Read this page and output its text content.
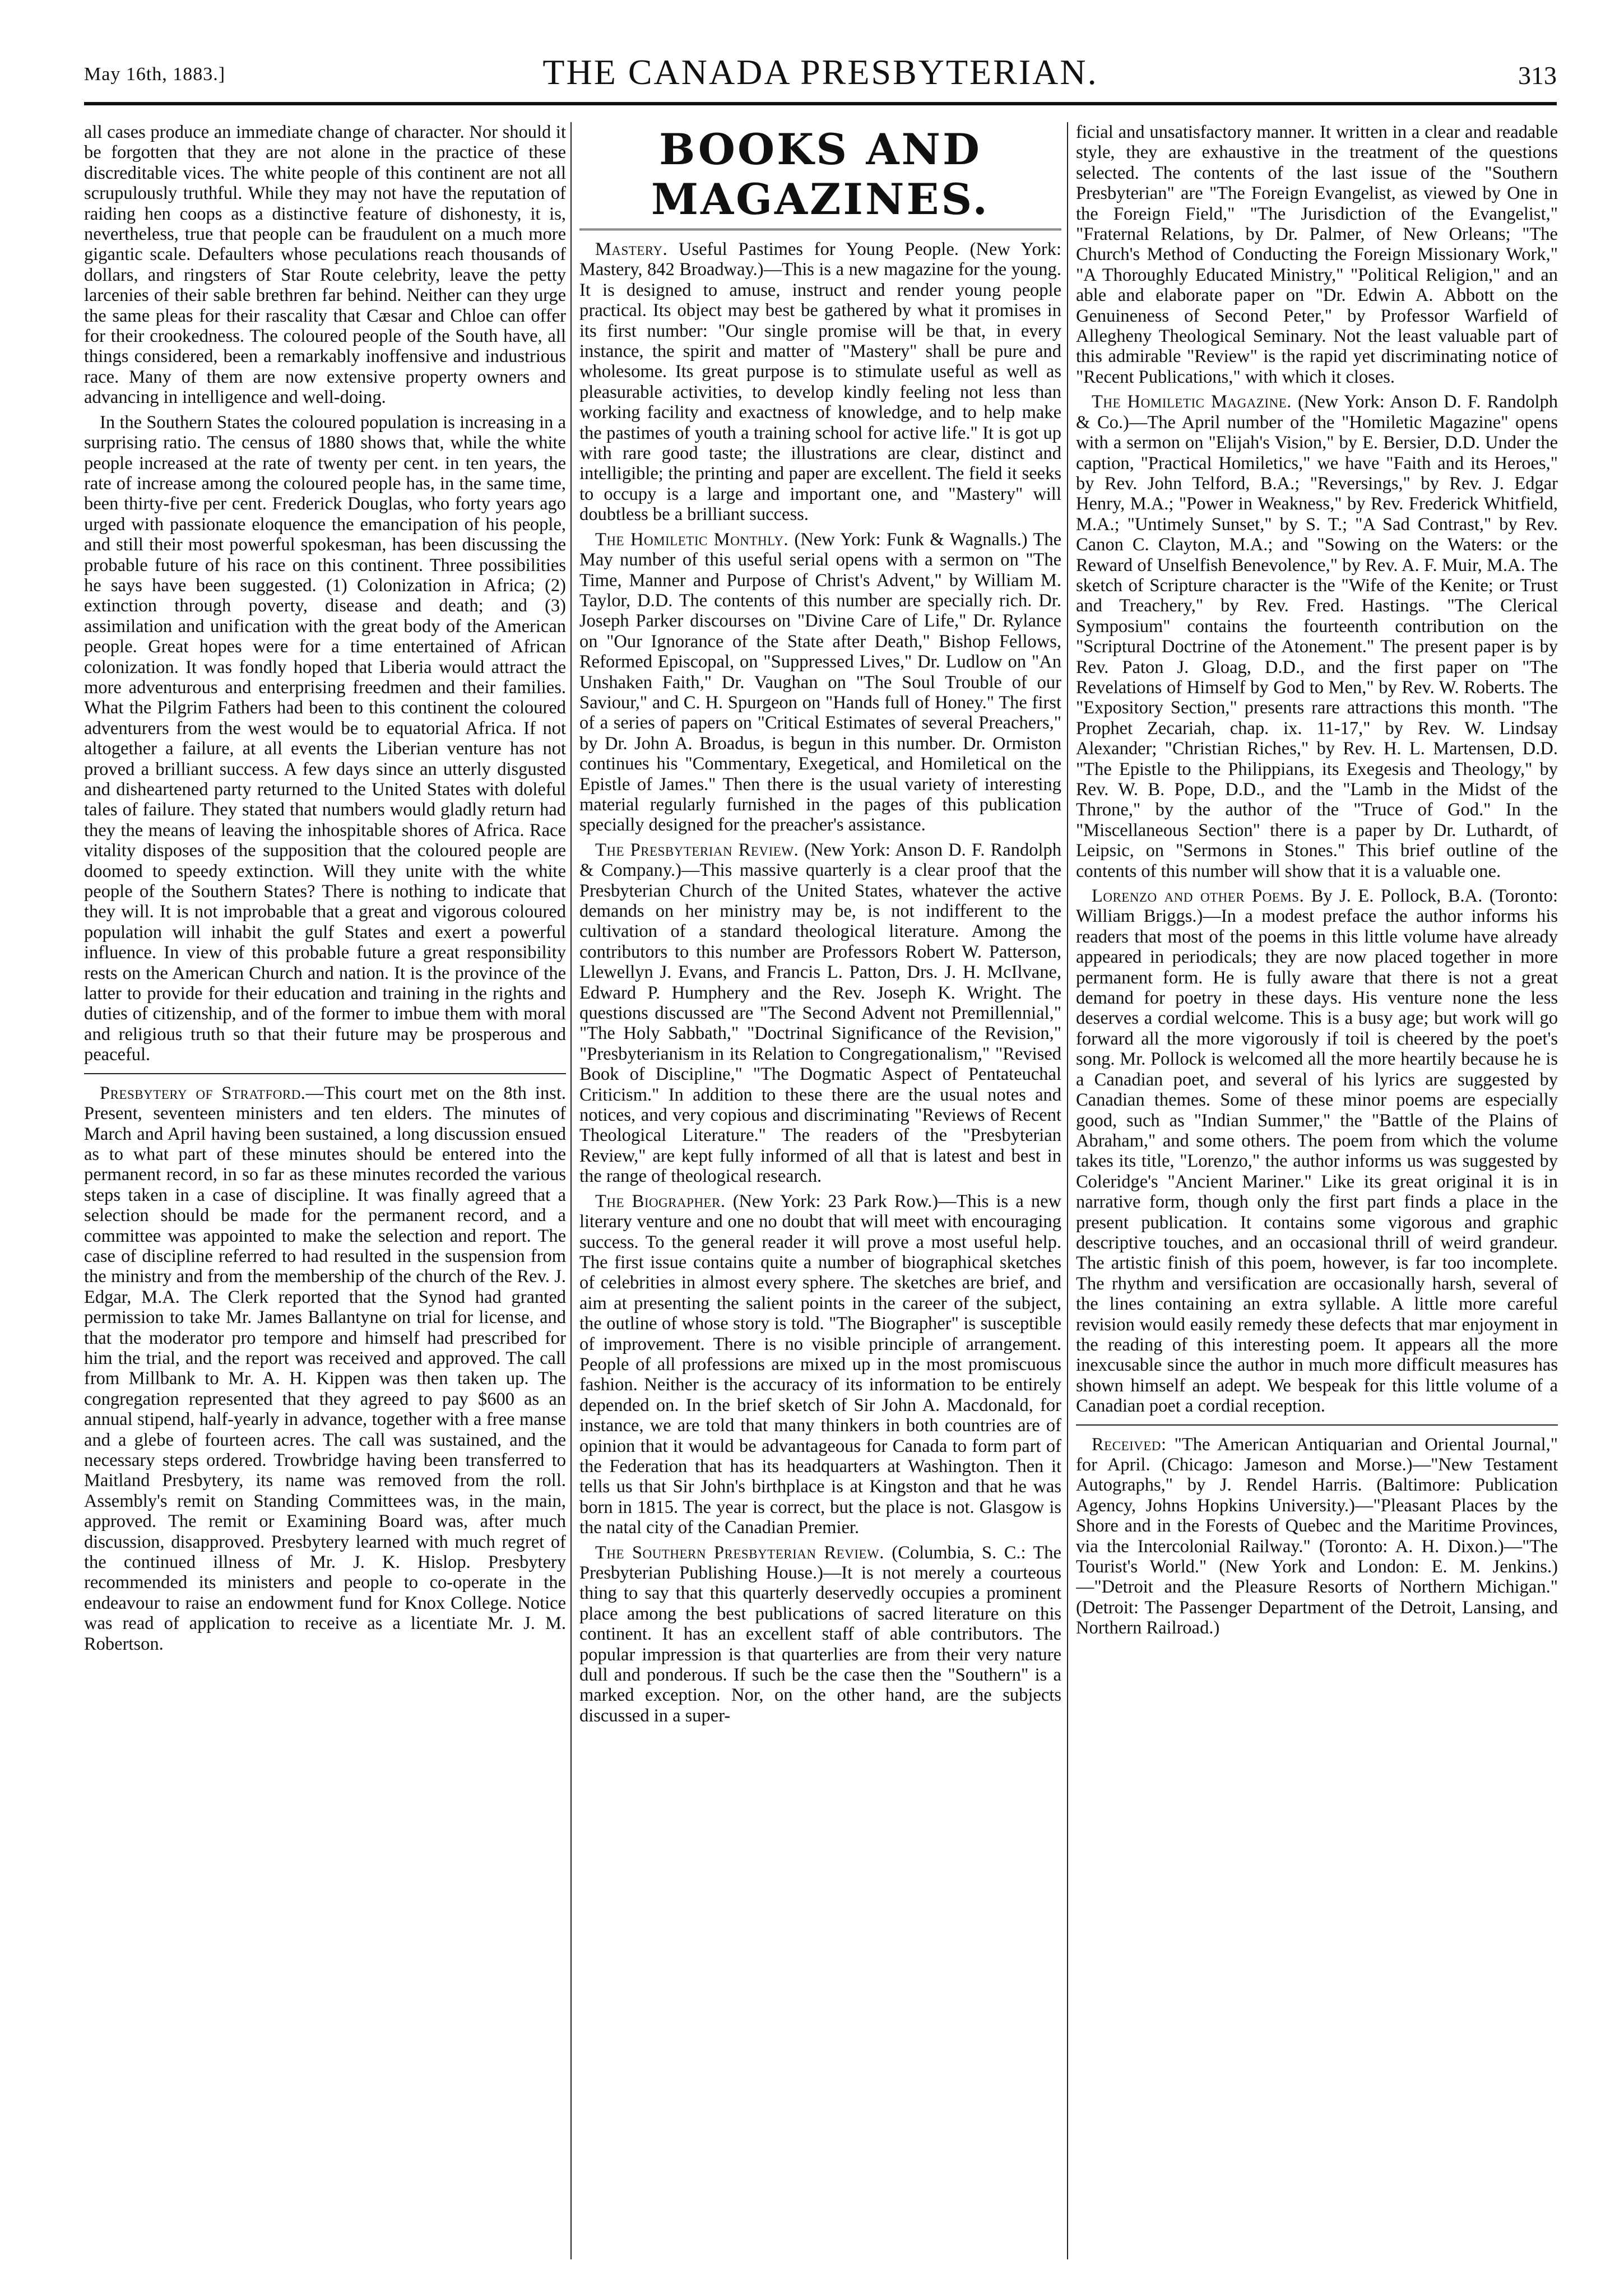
May 16th, 1883.]	THE CANADA PRESBYTERIAN.	313

all cases produce an immediate change of character. Nor should it be forgotten that they are not alone in the practice of these discreditable vices. The white people of this continent are not all scrupulously truthful. While they may not have the reputation of raiding hen coops as a distinctive feature of dishonesty, it is, nevertheless, true that people can be fraudulent on a much more gigantic scale. Defaulters whose peculations reach thousands of dollars, and ringsters of Star Route celebrity, leave the petty larcenies of their sable brethren far behind. Neither can they urge the same pleas for their rascality that Cæsar and Chloe can offer for their crookedness. The coloured people of the South have, all things considered, been a remarkably inoffensive and industrious race. Many of them are now extensive property owners and advancing in intelligence and well-doing.

In the Southern States the coloured population is increasing in a surprising ratio. The census of 1880 shows that, while the white people increased at the rate of twenty per cent. in ten years, the rate of increase among the coloured people has, in the same time, been thirty-five per cent. Frederick Douglas, who forty years ago urged with passionate eloquence the emancipation of his people, and still their most powerful spokesman, has been discussing the probable future of his race on this continent. Three possibilities he says have been suggested. (1) Colonization in Africa; (2) extinction through poverty, disease and death; and (3) assimilation and unification with the great body of the American people. Great hopes were for a time entertained of African colonization. It was fondly hoped that Liberia would attract the more adventurous and enterprising freedmen and their families. What the Pilgrim Fathers had been to this continent the coloured adventurers from the west would be to equatorial Africa. If not altogether a failure, at all events the Liberian venture has not proved a brilliant success. A few days since an utterly disgusted and disheartened party returned to the United States with doleful tales of failure. They stated that numbers would gladly return had they the means of leaving the inhospitable shores of Africa. Race vitality disposes of the supposition that the coloured people are doomed to speedy extinction. Will they unite with the white people of the Southern States? There is nothing to indicate that they will. It is not improbable that a great and vigorous coloured population will inhabit the gulf States and exert a powerful influence. In view of this probable future a great responsibility rests on the American Church and nation. It is the province of the latter to provide for their education and training in the rights and duties of citizenship, and of the former to imbue them with moral and religious truth so that their future may be prosperous and peaceful.

Presbytery of Stratford.—This court met on the 8th inst. Present, seventeen ministers and ten elders. The minutes of March and April having been sustained, a long discussion ensued as to what part of these minutes should be entered into the permanent record, in so far as these minutes recorded the various steps taken in a case of discipline. It was finally agreed that a selection should be made for the permanent record, and a committee was appointed to make the selection and report. The case of discipline referred to had resulted in the suspension from the ministry and from the membership of the church of the Rev. J. Edgar, M.A. The Clerk reported that the Synod had granted permission to take Mr. James Ballantyne on trial for license, and that the moderator pro tempore and himself had prescribed for him the trial, and the report was received and approved. The call from Millbank to Mr. A. H. Kippen was then taken up. The congregation represented that they agreed to pay $600 as an annual stipend, half-yearly in advance, together with a free manse and a glebe of fourteen acres. The call was sustained, and the necessary steps ordered. Trowbridge having been transferred to Maitland Presbytery, its name was removed from the roll. Assembly's remit on Standing Committees was, in the main, approved. The remit or Examining Board was, after much discussion, disapproved. Presbytery learned with much regret of the continued illness of Mr. J. K. Hislop. Presbytery recommended its ministers and people to co-operate in the endeavour to raise an endowment fund for Knox College. Notice was read of application to receive as a licentiate Mr. J. M. Robertson.

BOOKS AND MAGAZINES.

Mastery. Useful Pastimes for Young People. (New York: Mastery, 842 Broadway.)—This is a new magazine for the young. It is designed to amuse, instruct and render young people practical. Its object may best be gathered by what it promises in its first number: "Our single promise will be that, in every instance, the spirit and matter of "Mastery" shall be pure and wholesome. Its great purpose is to stimulate useful as well as pleasurable activities, to develop kindly feeling not less than working facility and exactness of knowledge, and to help make the pastimes of youth a training school for active life." It is got up with rare good taste; the illustrations are clear, distinct and intelligible; the printing and paper are excellent. The field it seeks to occupy is a large and important one, and "Mastery" will doubtless be a brilliant success.

The Homiletic Monthly. (New York: Funk & Wagnalls.) The May number of this useful serial opens with a sermon on "The Time, Manner and Purpose of Christ's Advent," by William M. Taylor, D.D. The contents of this number are specially rich. Dr. Joseph Parker discourses on "Divine Care of Life," Dr. Rylance on "Our Ignorance of the State after Death," Bishop Fellows, Reformed Episcopal, on "Suppressed Lives," Dr. Ludlow on "An Unshaken Faith," Dr. Vaughan on "The Soul Trouble of our Saviour," and C. H. Spurgeon on "Hands full of Honey." The first of a series of papers on "Critical Estimates of several Preachers," by Dr. John A. Broadus, is begun in this number. Dr. Ormiston continues his "Commentary, Exegetical, and Homiletical on the Epistle of James." Then there is the usual variety of interesting material regularly furnished in the pages of this publication specially designed for the preacher's assistance.

The Presbyterian Review. (New York: Anson D. F. Randolph & Company.)—This massive quarterly is a clear proof that the Presbyterian Church of the United States, whatever the active demands on her ministry may be, is not indifferent to the cultivation of a standard theological literature. Among the contributors to this number are Professors Robert W. Patterson, Llewellyn J. Evans, and Francis L. Patton, Drs. J. H. McIlvane, Edward P. Humphery and the Rev. Joseph K. Wright. The questions discussed are "The Second Advent not Premillennial," "The Holy Sabbath," "Doctrinal Significance of the Revision," "Presbyterianism in its Relation to Congregationalism," "Revised Book of Discipline," "The Dogmatic Aspect of Pentateuchal Criticism." In addition to these there are the usual notes and notices, and very copious and discriminating "Reviews of Recent Theological Literature." The readers of the "Presbyterian Review," are kept fully informed of all that is latest and best in the range of theological research.

The Biographer. (New York: 23 Park Row.)—This is a new literary venture and one no doubt that will meet with encouraging success. To the general reader it will prove a most useful help. The first issue contains quite a number of biographical sketches of celebrities in almost every sphere. The sketches are brief, and aim at presenting the salient points in the career of the subject, the outline of whose story is told. "The Biographer" is susceptible of improvement. There is no visible principle of arrangement. People of all professions are mixed up in the most promiscuous fashion. Neither is the accuracy of its information to be entirely depended on. In the brief sketch of Sir John A. Macdonald, for instance, we are told that many thinkers in both countries are of opinion that it would be advantageous for Canada to form part of the Federation that has its headquarters at Washington. Then it tells us that Sir John's birthplace is at Kingston and that he was born in 1815. The year is correct, but the place is not. Glasgow is the natal city of the Canadian Premier.

The Southern Presbyterian Review. (Columbia, S. C.: The Presbyterian Publishing House.)—It is not merely a courteous thing to say that this quarterly deservedly occupies a prominent place among the best publications of sacred literature on this continent. It has an excellent staff of able contributors. The popular impression is that quarterlies are from their very nature dull and ponderous. If such be the case then the "Southern" is a marked exception. Nor, on the other hand, are the subjects discussed in a super-

ficial and unsatisfactory manner. It written in a clear and readable style, they are exhaustive in the treatment of the questions selected. The contents of the last issue of the "Southern Presbyterian" are "The Foreign Evangelist, as viewed by One in the Foreign Field," "The Jurisdiction of the Evangelist," "Fraternal Relations, by Dr. Palmer, of New Orleans; "The Church's Method of Conducting the Foreign Missionary Work," "A Thoroughly Educated Ministry," "Political Religion," and an able and elaborate paper on "Dr. Edwin A. Abbott on the Genuineness of Second Peter," by Professor Warfield of Allegheny Theological Seminary. Not the least valuable part of this admirable "Review" is the rapid yet discriminating notice of "Recent Publications," with which it closes.

The Homiletic Magazine. (New York: Anson D. F. Randolph & Co.)—The April number of the "Homiletic Magazine" opens with a sermon on "Elijah's Vision," by E. Bersier, D.D. Under the caption, "Practical Homiletics," we have "Faith and its Heroes," by Rev. John Telford, B.A.; "Reversings," by Rev. J. Edgar Henry, M.A.; "Power in Weakness," by Rev. Frederick Whitfield, M.A.; "Untimely Sunset," by S. T.; "A Sad Contrast," by Rev. Canon C. Clayton, M.A.; and "Sowing on the Waters: or the Reward of Unselfish Benevolence," by Rev. A. F. Muir, M.A. The sketch of Scripture character is the "Wife of the Kenite; or Trust and Treachery," by Rev. Fred. Hastings. "The Clerical Symposium" contains the fourteenth contribution on the "Scriptural Doctrine of the Atonement." The present paper is by Rev. Paton J. Gloag, D.D., and the first paper on "The Revelations of Himself by God to Men," by Rev. W. Roberts. The "Expository Section," presents rare attractions this month. "The Prophet Zecariah, chap. ix. 11-17," by Rev. W. Lindsay Alexander; "Christian Riches," by Rev. H. L. Martensen, D.D. "The Epistle to the Philippians, its Exegesis and Theology," by Rev. W. B. Pope, D.D., and the "Lamb in the Midst of the Throne," by the author of the "Truce of God." In the "Miscellaneous Section" there is a paper by Dr. Luthardt, of Leipsic, on "Sermons in Stones." This brief outline of the contents of this number will show that it is a valuable one.

Lorenzo and other Poems. By J. E. Pollock, B.A. (Toronto: William Briggs.)—In a modest preface the author informs his readers that most of the poems in this little volume have already appeared in periodicals; they are now placed together in more permanent form. He is fully aware that there is not a great demand for poetry in these days. His venture none the less deserves a cordial welcome. This is a busy age; but work will go forward all the more vigorously if toil is cheered by the poet's song. Mr. Pollock is welcomed all the more heartily because he is a Canadian poet, and several of his lyrics are suggested by Canadian themes. Some of these minor poems are especially good, such as "Indian Summer," the "Battle of the Plains of Abraham," and some others. The poem from which the volume takes its title, "Lorenzo," the author informs us was suggested by Coleridge's "Ancient Mariner." Like its great original it is in narrative form, though only the first part finds a place in the present publication. It contains some vigorous and graphic descriptive touches, and an occasional thrill of weird grandeur. The artistic finish of this poem, however, is far too incomplete. The rhythm and versification are occasionally harsh, several of the lines containing an extra syllable. A little more careful revision would easily remedy these defects that mar enjoyment in the reading of this interesting poem. It appears all the more inexcusable since the author in much more difficult measures has shown himself an adept. We bespeak for this little volume of a Canadian poet a cordial reception.

Received: "The American Antiquarian and Oriental Journal," for April. (Chicago: Jameson and Morse.)—"New Testament Autographs," by J. Rendel Harris. (Baltimore: Publication Agency, Johns Hopkins University.)—"Pleasant Places by the Shore and in the Forests of Quebec and the Maritime Provinces, via the Intercolonial Railway." (Toronto: A. H. Dixon.)—"The Tourist's World." (New York and London: E. M. Jenkins.)—"Detroit and the Pleasure Resorts of Northern Michigan." (Detroit: The Passenger Department of the Detroit, Lansing, and Northern Railroad.)
